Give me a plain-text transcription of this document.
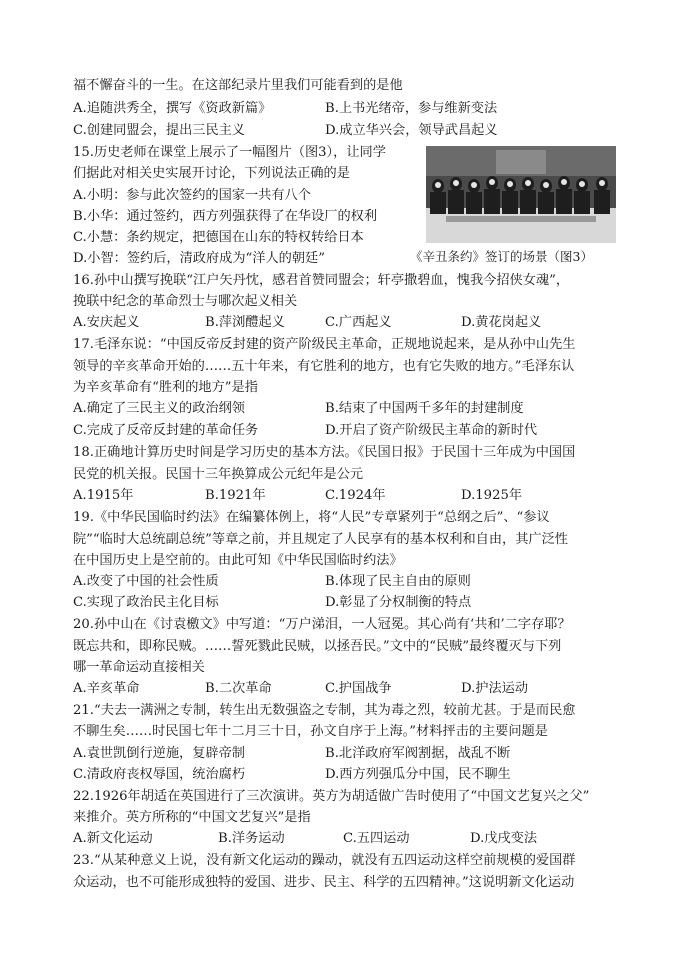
福不懈奋斗的一生。在这部纪录片里我们可能看到的是他
A.追随洪秀全，撰写《资政新篇》	B.上书光绪帝，参与维新变法
C.创建同盟会，提出三民主义	D.成立华兴会，领导武昌起义
15.历史老师在课堂上展示了一幅图片（图3），让同学
们据此对相关史实展开讨论，下列说法正确的是
A.小明：参与此次签约的国家一共有八个
B.小华：通过签约，西方列强获得了在华设厂的权利
C.小慧：条约规定，把德国在山东的特权转给日本
D.小智：签约后，清政府成为“洋人的朝廷”	《辛丑条约》签订的场景（图3）
16.孙中山撰写挽联“江户矢丹忱，感君首赞同盟会；轩亭撒碧血，愧我今招侠女魂”，
挽联中纪念的革命烈士与哪次起义相关
A.安庆起义	B.萍浏醴起义	C.广西起义	D.黄花岗起义
17.毛泽东说：“中国反帝反封建的资产阶级民主革命，正规地说起来，是从孙中山先生
领导的辛亥革命开始的……五十年来，有它胜利的地方，也有它失败的地方。”毛泽东认
为辛亥革命有“胜利的地方”是指
A.确定了三民主义的政治纲领	B.结束了中国两千多年的封建制度
C.完成了反帝反封建的革命任务	D.开启了资产阶级民主革命的新时代
18.正确地计算历史时间是学习历史的基本方法。《民国日报》于民国十三年成为中国国
民党的机关报。民国十三年换算成公元纪年是公元
A.1915年	B.1921年	C.1924年	D.1925年
19.《中华民国临时约法》在编纂体例上，将“人民”专章紧列于“总纲之后”、“参议
院”“临时大总统副总统”等章之前，并且规定了人民享有的基本权利和自由，其广泛性
在中国历史上是空前的。由此可知《中华民国临时约法》
A.改变了中国的社会性质	B.体现了民主自由的原则
C.实现了政治民主化目标	D.彰显了分权制衡的特点
20.孙中山在《讨袁檄文》中写道：“万户涕泪，一人冠冕。其心尚有‘共和’二字存耶？
既忘共和，即称民贼。……誓死戮此民贼，以拯吾民。”文中的“民贼”最终覆灭与下列
哪一革命运动直接相关
A.辛亥革命	B.二次革命	C.护国战争	D.护法运动
21.“夫去一满洲之专制，转生出无数强盗之专制，其为毒之烈，较前尤甚。于是而民愈
不聊生矣……时民国七年十二月三十日，孙文自序于上海。”材料抨击的主要问题是
A.袁世凯倒行逆施，复辟帝制	B.北洋政府军阀割据，战乱不断
C.清政府丧权辱国，统治腐朽	D.西方列强瓜分中国，民不聊生
22.1926年胡适在英国进行了三次演讲。英方为胡适做广告时使用了“中国文艺复兴之父”
来推介。英方所称的“中国文艺复兴”是指
A.新文化运动	B.洋务运动	C.五四运动	D.戊戌变法
23.“从某种意义上说，没有新文化运动的躁动，就没有五四运动这样空前规模的爱国群
众运动，也不可能形成独特的爱国、进步、民主、科学的五四精神。”这说明新文化运动
